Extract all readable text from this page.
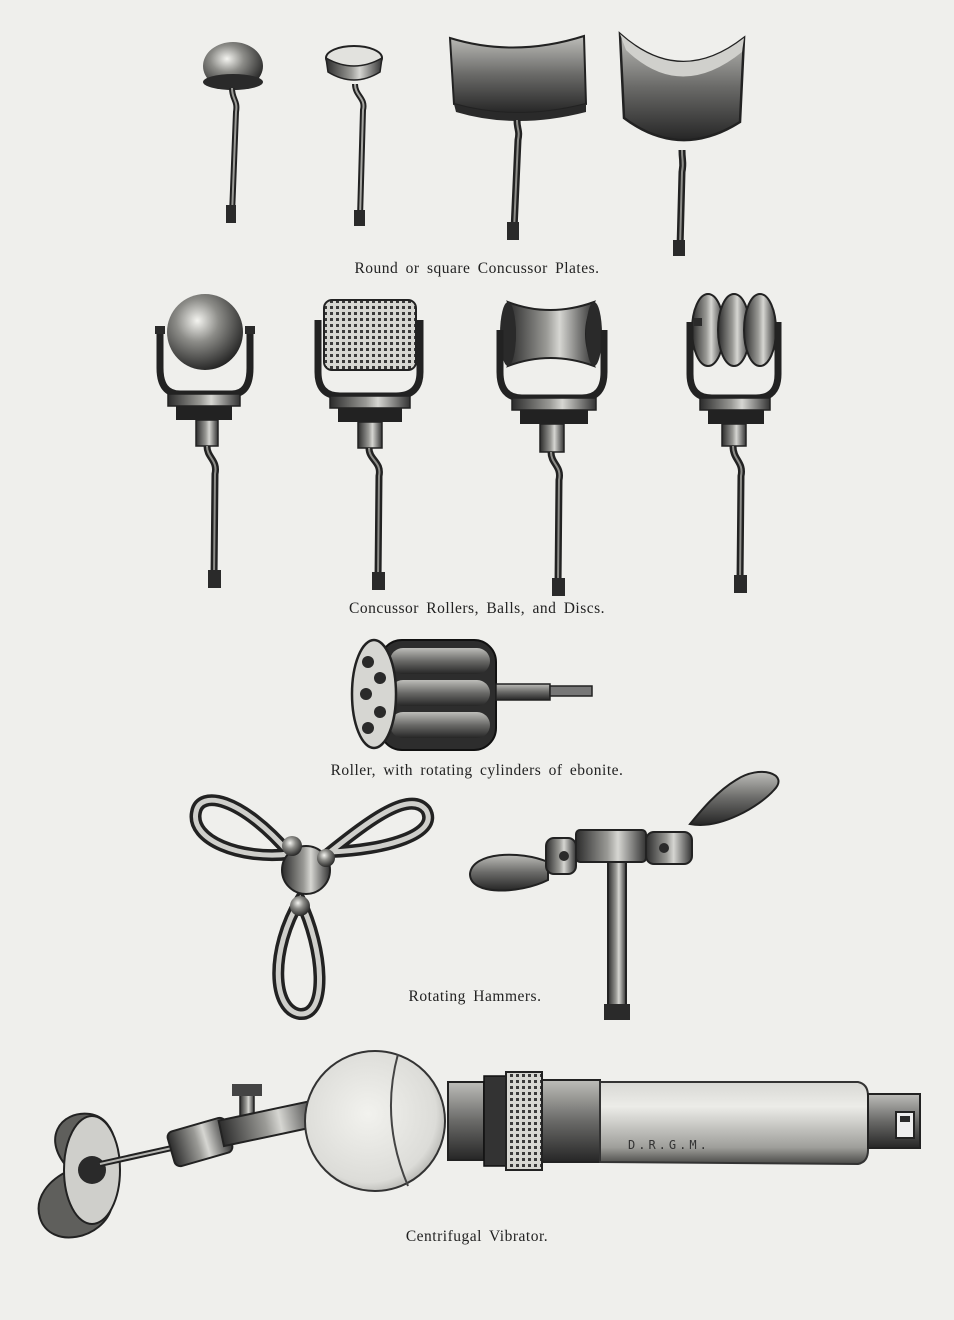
D.R.G.M.
Round or square Concussor Plates.
Concussor Rollers, Balls, and Discs.
Roller, with rotating cylinders of ebonite.
Rotating Hammers.
Centrifugal Vibrator.
